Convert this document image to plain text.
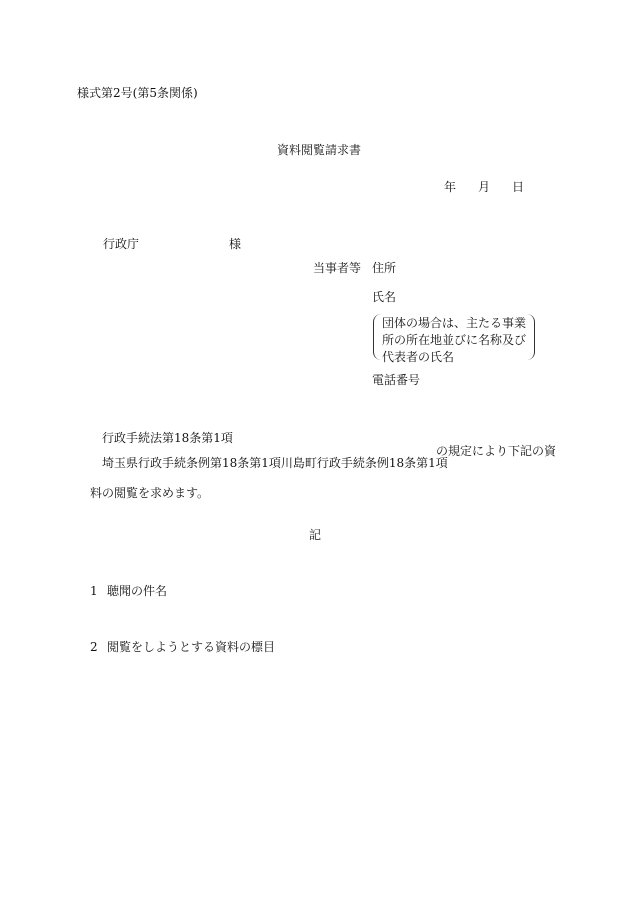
様式第2号(第5条関係)
資料閲覧請求書
年 月 日
行政庁	様
当事者等 住所
氏名
団体の場合は、主たる事業
所の所在地並びに名称及び
代表者の氏名
電話番号
行政手続法第18条第1項
埼玉県行政手続条例第18条第1項川島町行政手続条例18条第1項
の規定により下記の資
料の閲覧を求めます。
記
1 聴聞の件名
2 閲覧をしようとする資料の標目
